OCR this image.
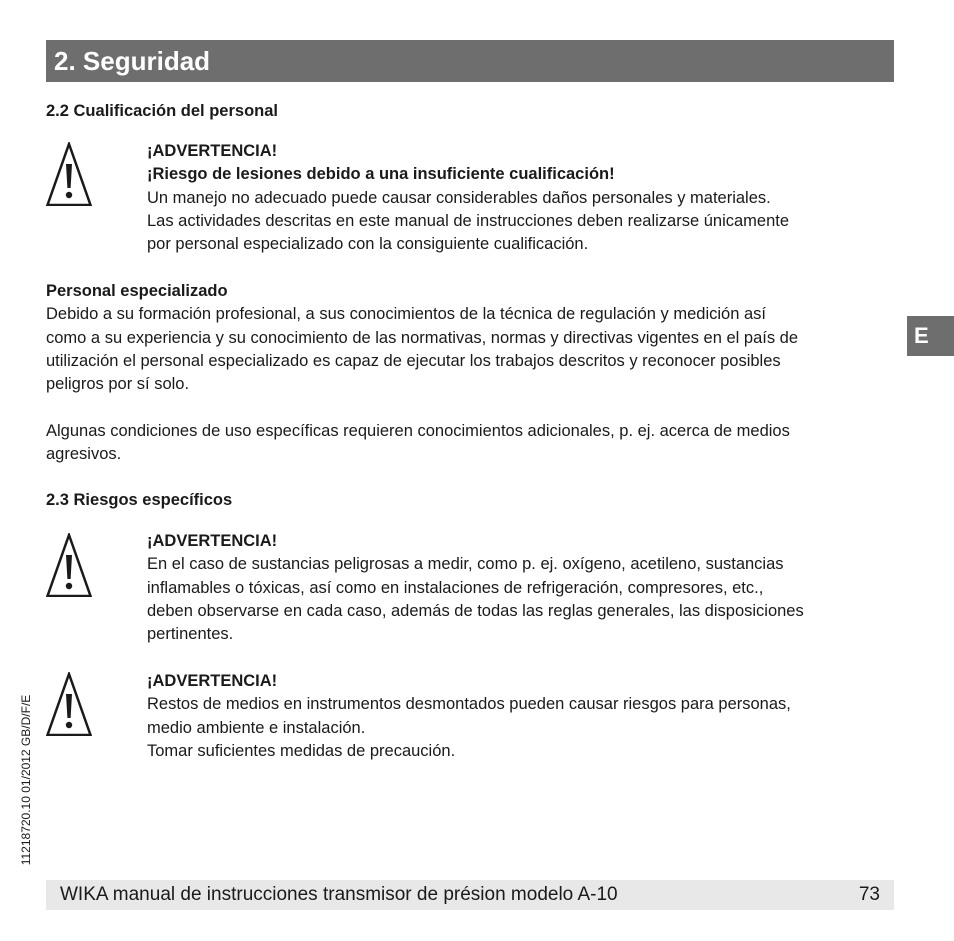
2. Seguridad
2.2 Cualificación del personal
¡ADVERTENCIA!
¡Riesgo de lesiones debido a una insuficiente cualificación!
Un manejo no adecuado puede causar considerables daños personales y materiales.
Las actividades descritas en este manual de instrucciones deben realizarse únicamente
por personal especializado con la consiguiente cualificación.
Personal especializado
Debido a su formación profesional, a sus conocimientos de la técnica de regulación y medición así
como a su experiencia y su conocimiento de las normativas, normas y directivas vigentes en el país de
utilización el personal especializado es capaz de ejecutar los trabajos descritos y reconocer posibles
peligros por sí solo.
Algunas condiciones de uso específicas requieren conocimientos adicionales, p. ej. acerca de medios
agresivos.
2.3 Riesgos específicos
¡ADVERTENCIA!
En el caso de sustancias peligrosas a medir, como p. ej. oxígeno, acetileno, sustancias
inflamables o tóxicas, así como en instalaciones de refrigeración, compresores, etc.,
deben observarse en cada caso, además de todas las reglas generales, las disposiciones
pertinentes.
¡ADVERTENCIA!
Restos de medios en instrumentos desmontados pueden causar riesgos para personas,
medio ambiente e instalación.
Tomar suficientes medidas de precaución.
E
11218720.10 01/2012 GB/D/F/E
WIKA manual de instrucciones transmisor de présion modelo A-10	73
